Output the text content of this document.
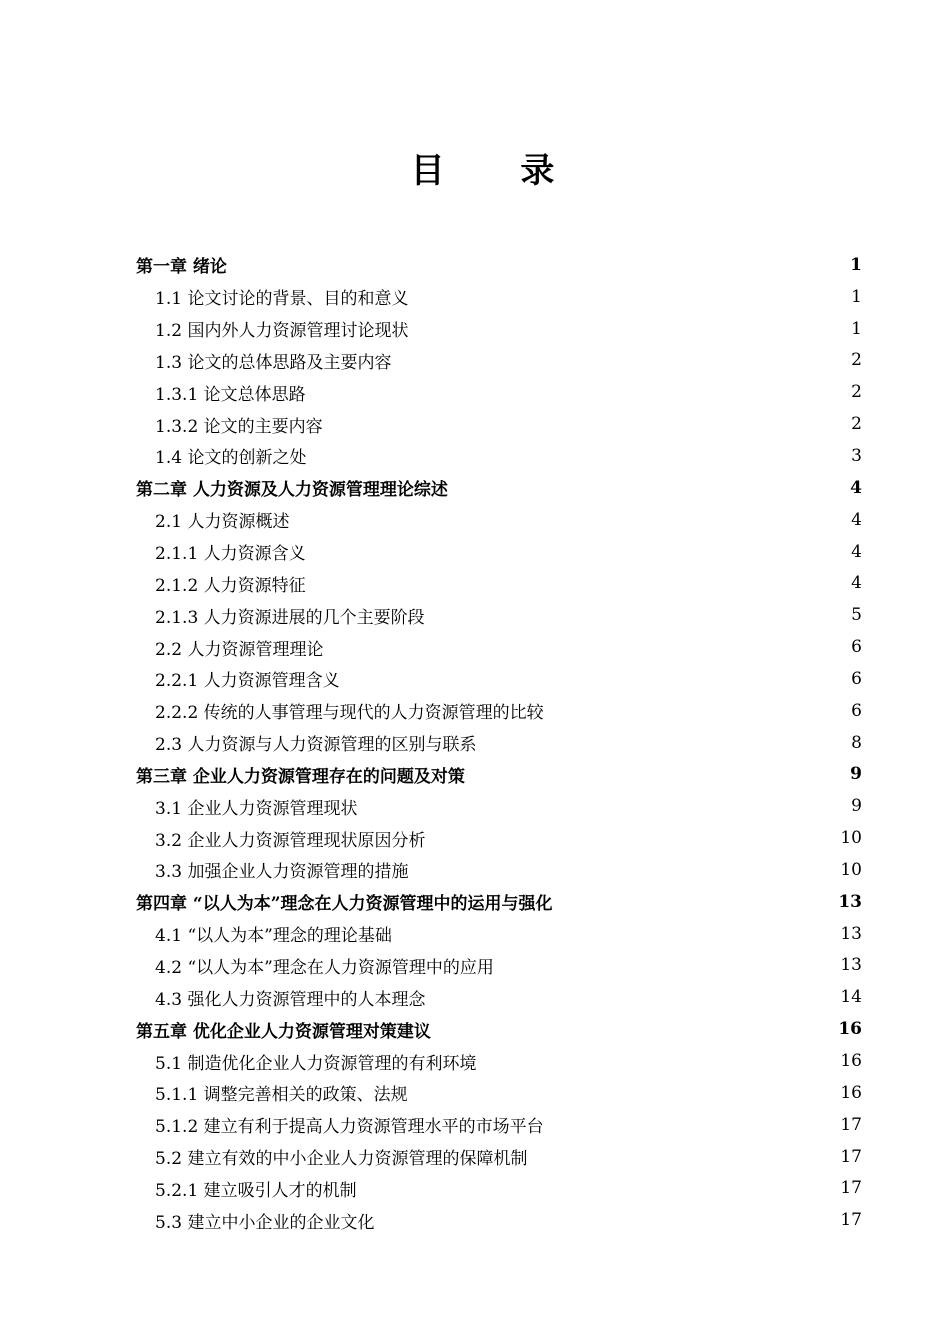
目 录
第一章 绪论	1
1.1 论文讨论的背景、目的和意义	1
1.2 国内外人力资源管理讨论现状	1
1.3 论文的总体思路及主要内容	2
1.3.1 论文总体思路	2
1.3.2 论文的主要内容	2
1.4 论文的创新之处	3
第二章 人力资源及人力资源管理理论综述	4
2.1 人力资源概述	4
2.1.1 人力资源含义	4
2.1.2 人力资源特征	4
2.1.3 人力资源进展的几个主要阶段	5
2.2 人力资源管理理论	6
2.2.1 人力资源管理含义	6
2.2.2 传统的人事管理与现代的人力资源管理的比较	6
2.3 人力资源与人力资源管理的区别与联系	8
第三章 企业人力资源管理存在的问题及对策	9
3.1 企业人力资源管理现状	9
3.2 企业人力资源管理现状原因分析	10
3.3 加强企业人力资源管理的措施	10
第四章 “以人为本”理念在人力资源管理中的运用与强化	13
4.1 “以人为本”理念的理论基础	13
4.2 “以人为本”理念在人力资源管理中的应用	13
4.3 强化人力资源管理中的人本理念	14
第五章 优化企业人力资源管理对策建议	16
5.1 制造优化企业人力资源管理的有利环境	16
5.1.1 调整完善相关的政策、法规	16
5.1.2 建立有利于提高人力资源管理水平的市场平台	17
5.2 建立有效的中小企业人力资源管理的保障机制	17
5.2.1 建立吸引人才的机制	17
5.3 建立中小企业的企业文化	17
